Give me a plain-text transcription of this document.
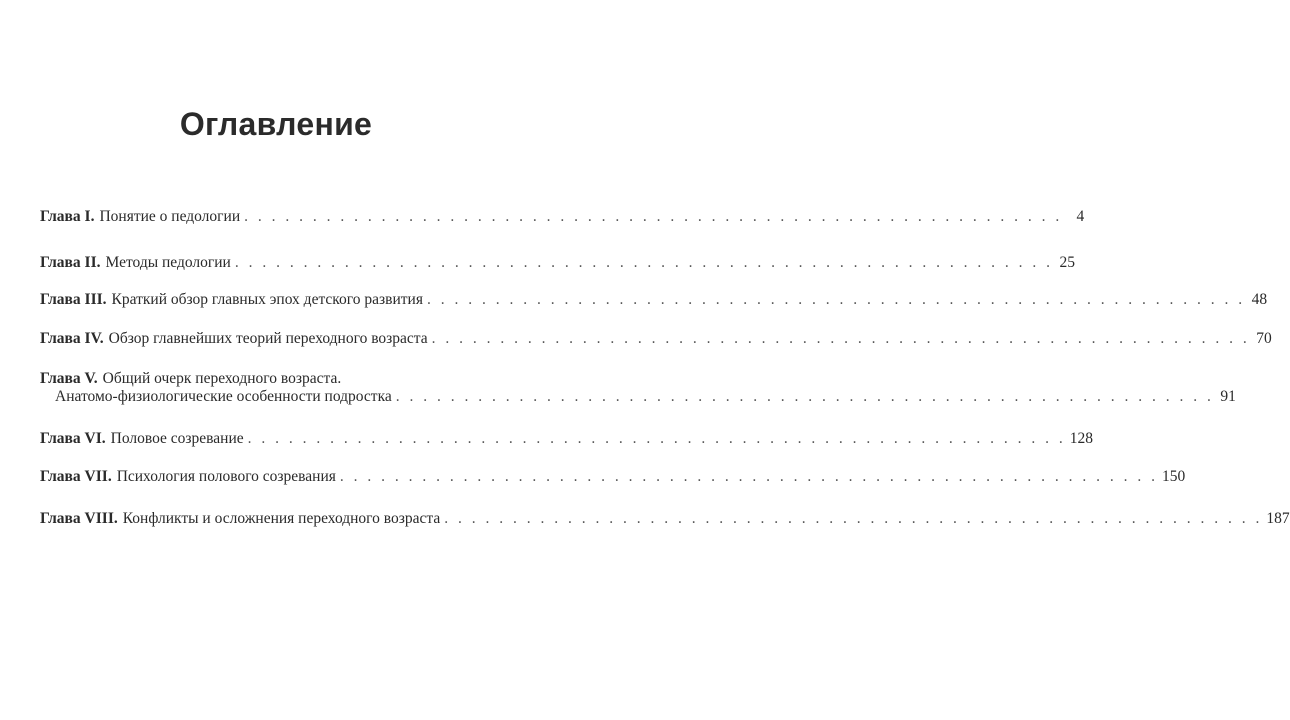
Оглавление
Глава I. Понятие о педологии . . . . . . . . . . . . . . . . . . . . . . . . . . . . . . . . . . . . . . . . . . . . . . . . . . . . . . . . . . . . 4
Глава II. Методы педологии . . . . . . . . . . . . . . . . . . . . . . . . . . . . . . . . . . . . . . . . . . . . . . . . . . . . . . . . . . . . 25
Глава III. Краткий обзор главных эпох детского развития . . . . . . . . . . . . . . . . . . . . . . . . . . . . . . . . . . . . . . . . . . . . . . . . . . . . . . . . . . . . 48
Глава IV. Обзор главнейших теорий переходного возраста . . . . . . . . . . . . . . . . . . . . . . . . . . . . . . . . . . . . . . . . . . . . . . . . . . . . . . . . . . . . 70
Глава V. Общий очерк переходного возраста.
Анатомо-физиологические особенности подростка . . . . . . . . . . . . . . . . . . . . . . . . . . . . . . . . . . . . . . . . . . . . . . . . . . . . . . . . . . . . 91
Глава VI. Половое созревание . . . . . . . . . . . . . . . . . . . . . . . . . . . . . . . . . . . . . . . . . . . . . . . . . . . . . . . . . . . . 128
Глава VII. Психология полового созревания . . . . . . . . . . . . . . . . . . . . . . . . . . . . . . . . . . . . . . . . . . . . . . . . . . . . . . . . . . . . 150
Глава VIII. Конфликты и осложнения переходного возраста . . . . . . . . . . . . . . . . . . . . . . . . . . . . . . . . . . . . . . . . . . . . . . . . . . . . . . . . . . . . 187
